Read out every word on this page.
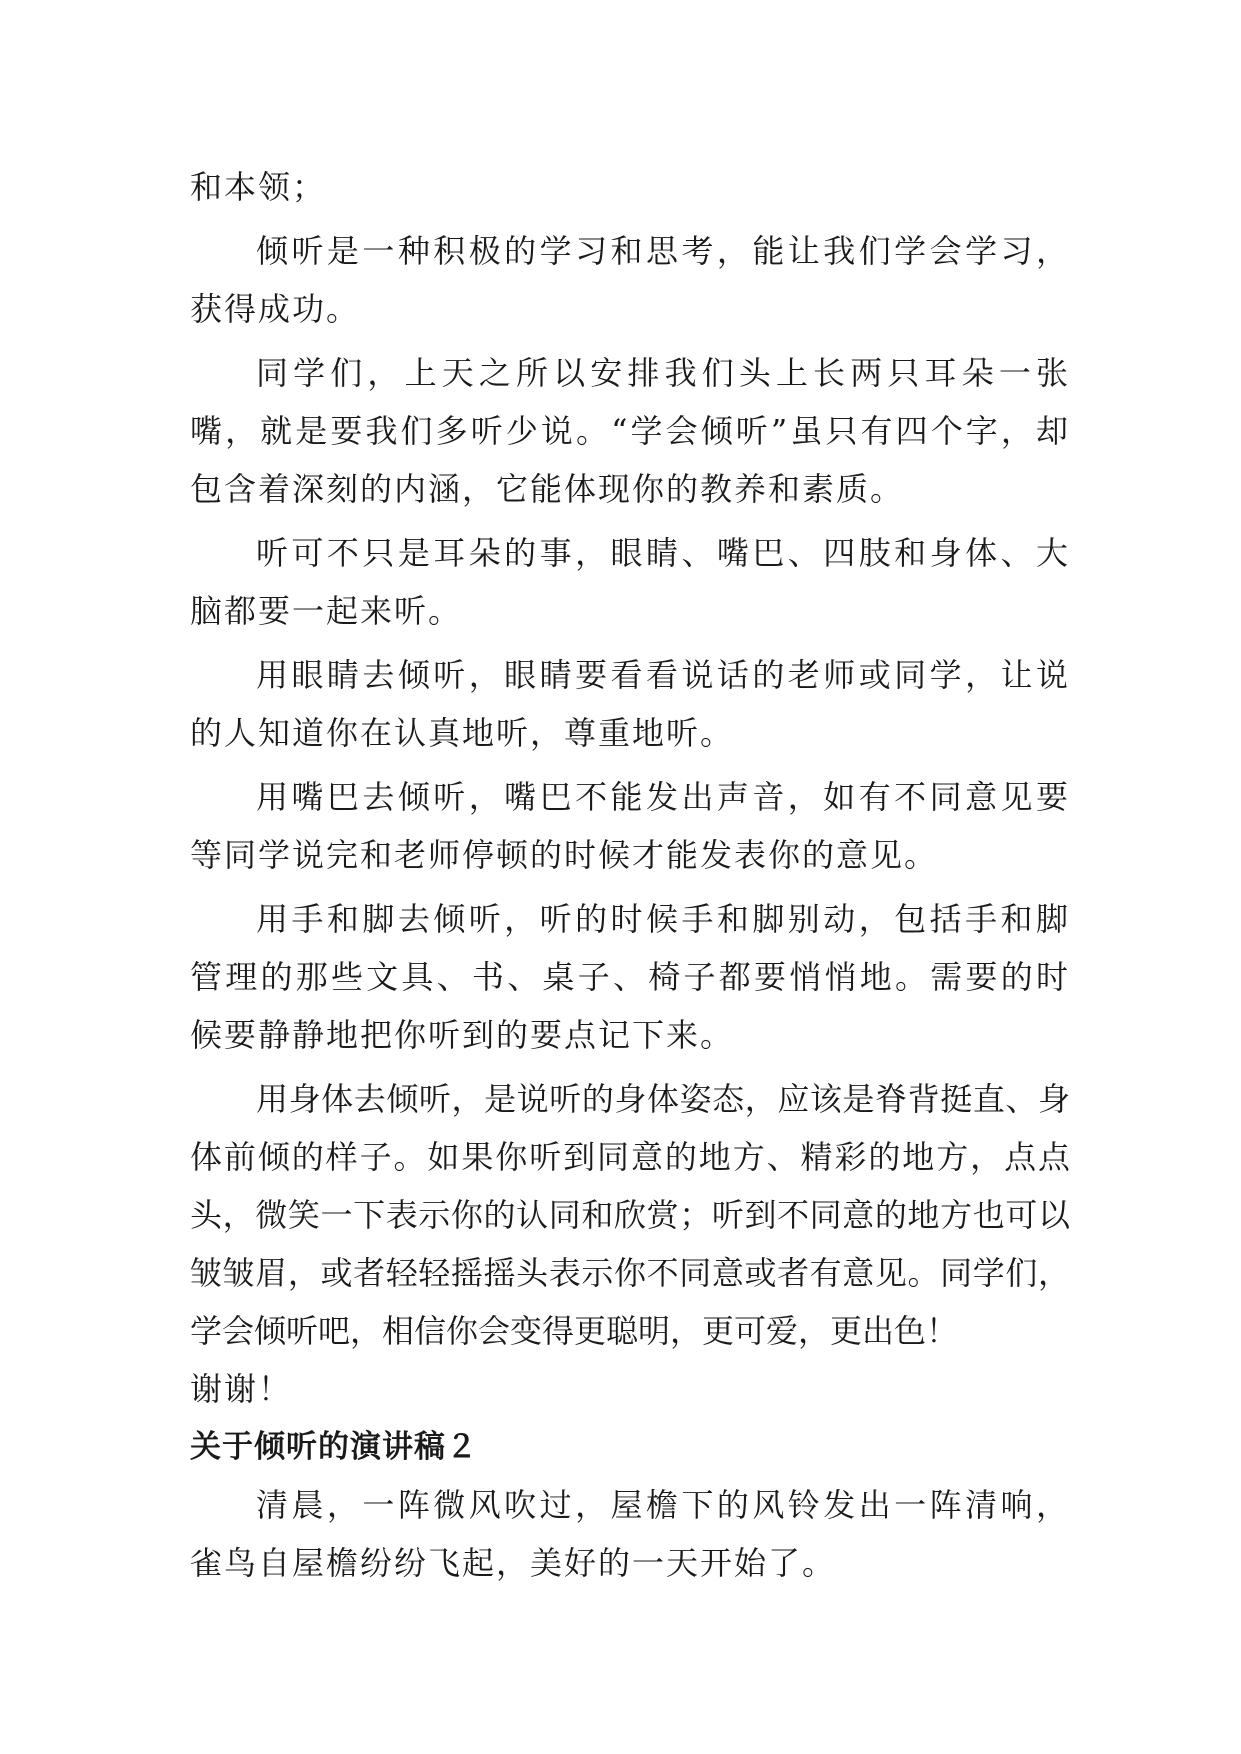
和本领；

倾听是一种积极的学习和思考，能让我们学会学习，获得成功。

同学们，上天之所以安排我们头上长两只耳朵一张嘴，就是要我们多听少说。“学会倾听”虽只有四个字，却包含着深刻的内涵，它能体现你的教养和素质。

听可不只是耳朵的事，眼睛、嘴巴、四肢和身体、大脑都要一起来听。

用眼睛去倾听，眼睛要看看说话的老师或同学，让说的人知道你在认真地听，尊重地听。

用嘴巴去倾听，嘴巴不能发出声音，如有不同意见要等同学说完和老师停顿的时候才能发表你的意见。

用手和脚去倾听，听的时候手和脚别动，包括手和脚管理的那些文具、书、桌子、椅子都要悄悄地。需要的时候要静静地把你听到的要点记下来。

用身体去倾听，是说听的身体姿态，应该是脊背挺直、身体前倾的样子。如果你听到同意的地方、精彩的地方，点点头，微笑一下表示你的认同和欣赏；听到不同意的地方也可以皱皱眉，或者轻轻摇摇头表示你不同意或者有意见。同学们，学会倾听吧，相信你会变得更聪明，更可爱，更出色！

谢谢！

关于倾听的演讲稿２

清晨，一阵微风吹过，屋檐下的风铃发出一阵清响，雀鸟自屋檐纷纷飞起，美好的一天开始了。
